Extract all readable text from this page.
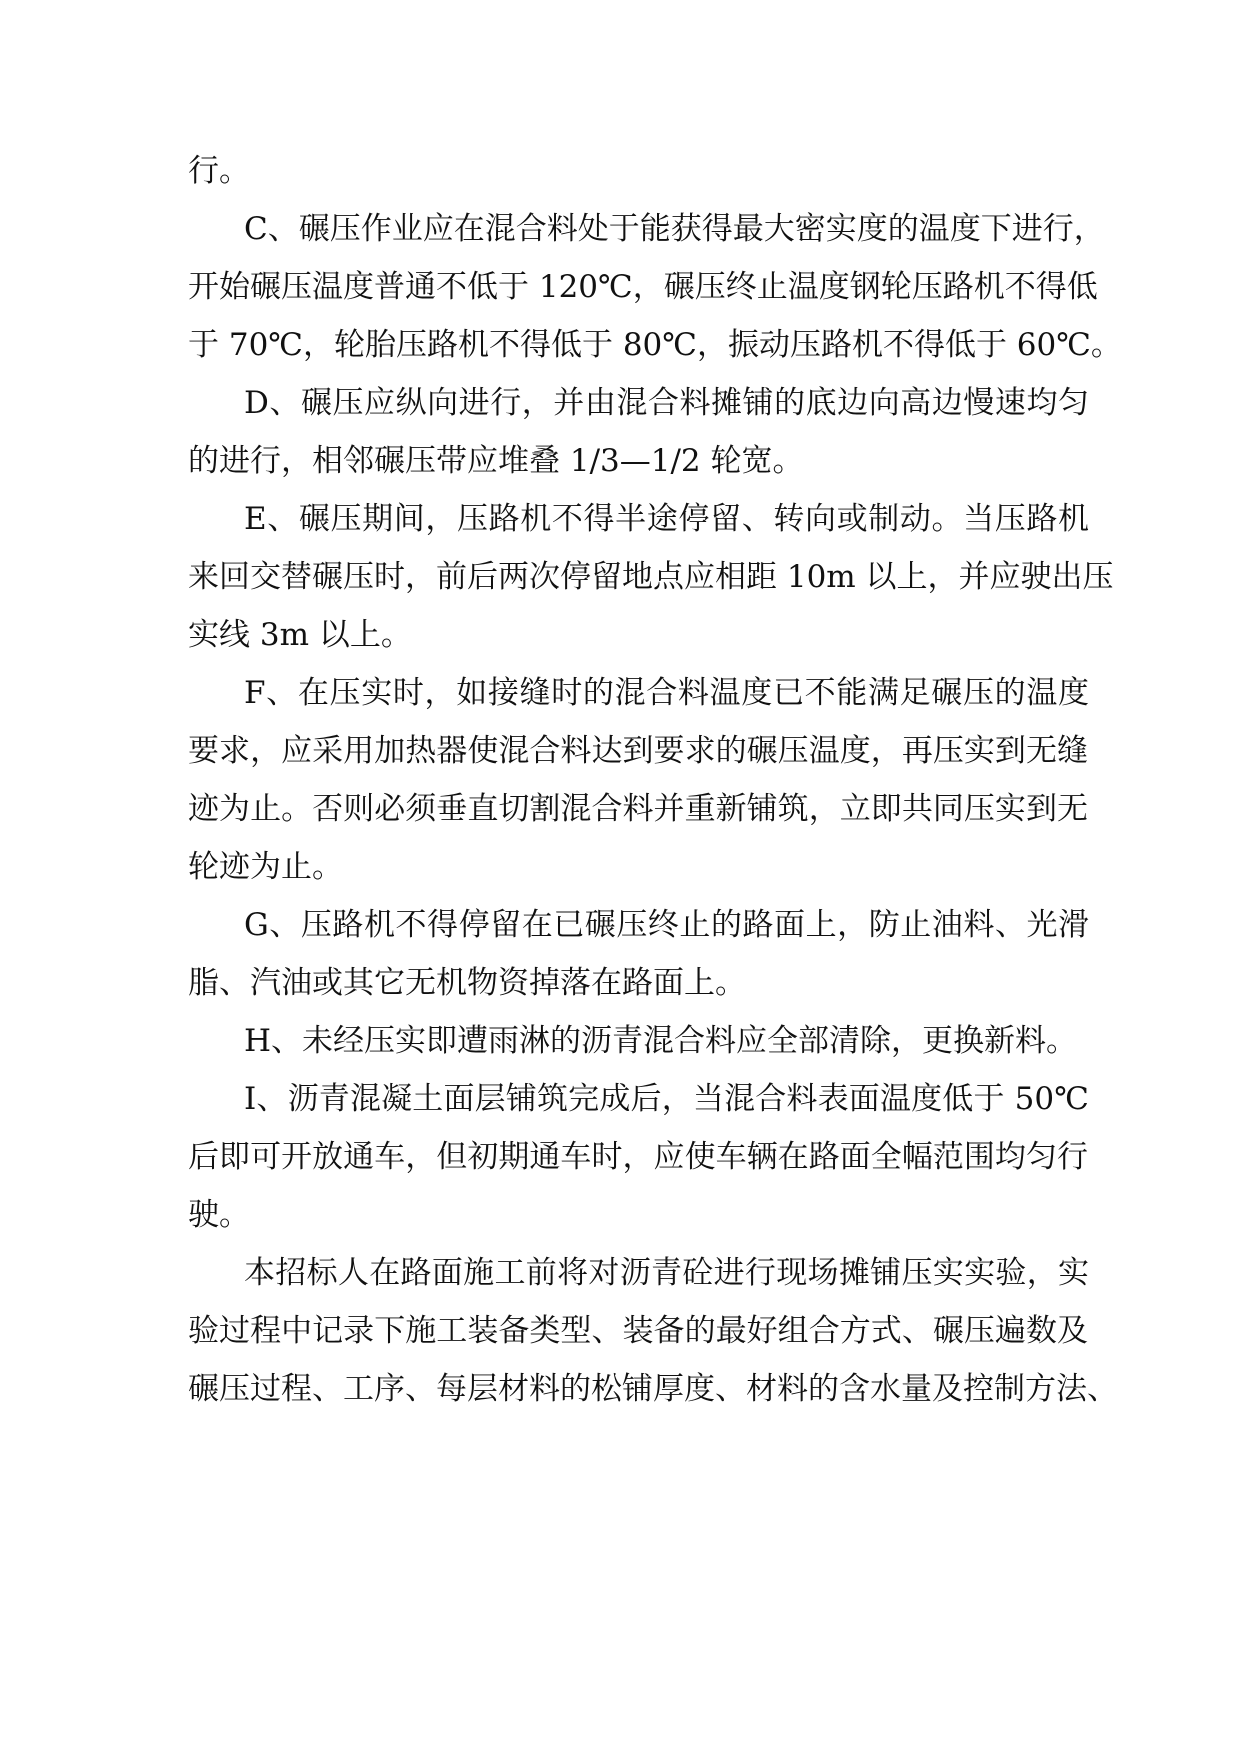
行。
C、碾压作业应在混合料处于能获得最大密实度的温度下进行，
开始碾压温度普通不低于 120℃，碾压终止温度钢轮压路机不得低
于 70℃，轮胎压路机不得低于 80℃，振动压路机不得低于 60℃。
D、碾压应纵向进行，并由混合料摊铺的底边向高边慢速均匀
的进行，相邻碾压带应堆叠 1/3—1/2 轮宽。
E、碾压期间，压路机不得半途停留、转向或制动。当压路机
来回交替碾压时，前后两次停留地点应相距 10m 以上，并应驶出压
实线 3m 以上。
F、在压实时，如接缝时的混合料温度已不能满足碾压的温度
要求，应采用加热器使混合料达到要求的碾压温度，再压实到无缝
迹为止。否则必须垂直切割混合料并重新铺筑，立即共同压实到无
轮迹为止。
G、压路机不得停留在已碾压终止的路面上，防止油料、光滑
脂、汽油或其它无机物资掉落在路面上。
H、未经压实即遭雨淋的沥青混合料应全部清除，更换新料。
I、沥青混凝土面层铺筑完成后，当混合料表面温度低于 50℃
后即可开放通车，但初期通车时，应使车辆在路面全幅范围均匀行
驶。
本招标人在路面施工前将对沥青砼进行现场摊铺压实实验，实
验过程中记录下施工装备类型、装备的最好组合方式、碾压遍数及
碾压过程、工序、每层材料的松铺厚度、材料的含水量及控制方法、
